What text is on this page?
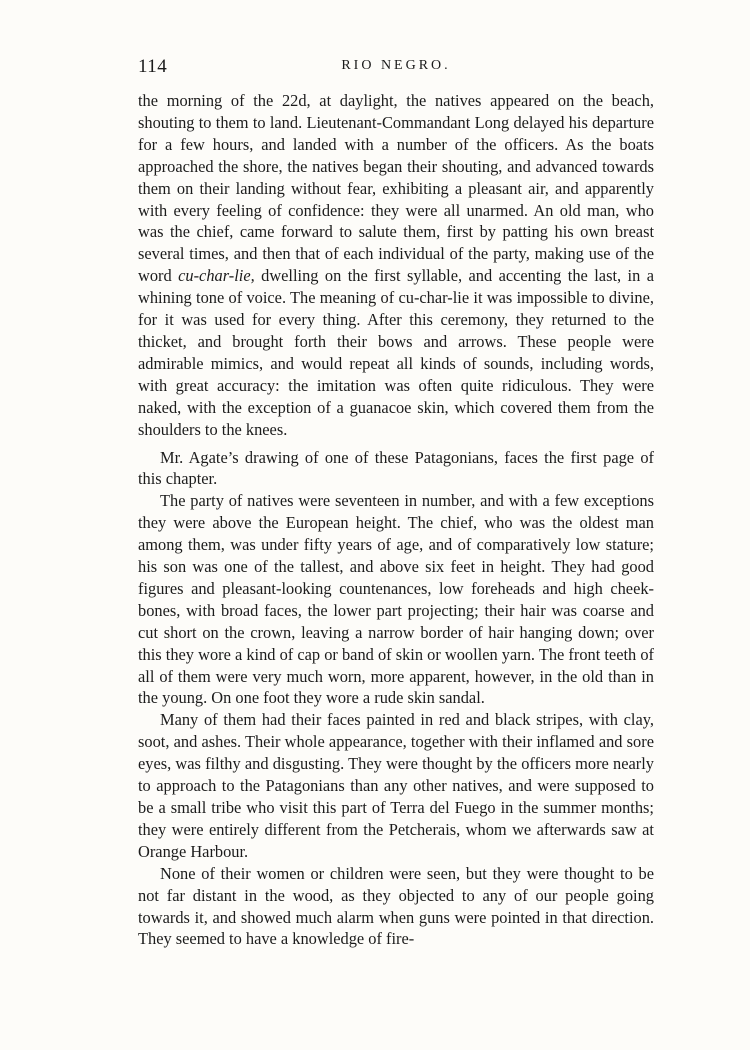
114	RIO NEGRO.

the morning of the 22d, at daylight, the natives appeared on the beach, shouting to them to land. Lieutenant-Commandant Long delayed his departure for a few hours, and landed with a number of the officers. As the boats approached the shore, the natives began their shouting, and advanced towards them on their landing without fear, exhibiting a pleasant air, and apparently with every feeling of confidence: they were all unarmed. An old man, who was the chief, came forward to salute them, first by patting his own breast several times, and then that of each individual of the party, making use of the word cu-char-lie, dwelling on the first syllable, and accenting the last, in a whining tone of voice. The meaning of cu-char-lie it was impossible to divine, for it was used for every thing. After this ceremony, they returned to the thicket, and brought forth their bows and arrows. These people were admirable mimics, and would repeat all kinds of sounds, including words, with great accuracy: the imitation was often quite ridiculous. They were naked, with the exception of a guanacoe skin, which covered them from the shoulders to the knees.

Mr. Agate’s drawing of one of these Patagonians, faces the first page of this chapter.

The party of natives were seventeen in number, and with a few exceptions they were above the European height. The chief, who was the oldest man among them, was under fifty years of age, and of comparatively low stature; his son was one of the tallest, and above six feet in height. They had good figures and pleasant-looking countenances, low foreheads and high cheek-bones, with broad faces, the lower part projecting; their hair was coarse and cut short on the crown, leaving a narrow border of hair hanging down; over this they wore a kind of cap or band of skin or woollen yarn. The front teeth of all of them were very much worn, more apparent, however, in the old than in the young. On one foot they wore a rude skin sandal.

Many of them had their faces painted in red and black stripes, with clay, soot, and ashes. Their whole appearance, together with their inflamed and sore eyes, was filthy and disgusting. They were thought by the officers more nearly to approach to the Patagonians than any other natives, and were supposed to be a small tribe who visit this part of Terra del Fuego in the summer months; they were entirely different from the Petcherais, whom we afterwards saw at Orange Harbour.

None of their women or children were seen, but they were thought to be not far distant in the wood, as they objected to any of our people going towards it, and showed much alarm when guns were pointed in that direction. They seemed to have a knowledge of fire-
